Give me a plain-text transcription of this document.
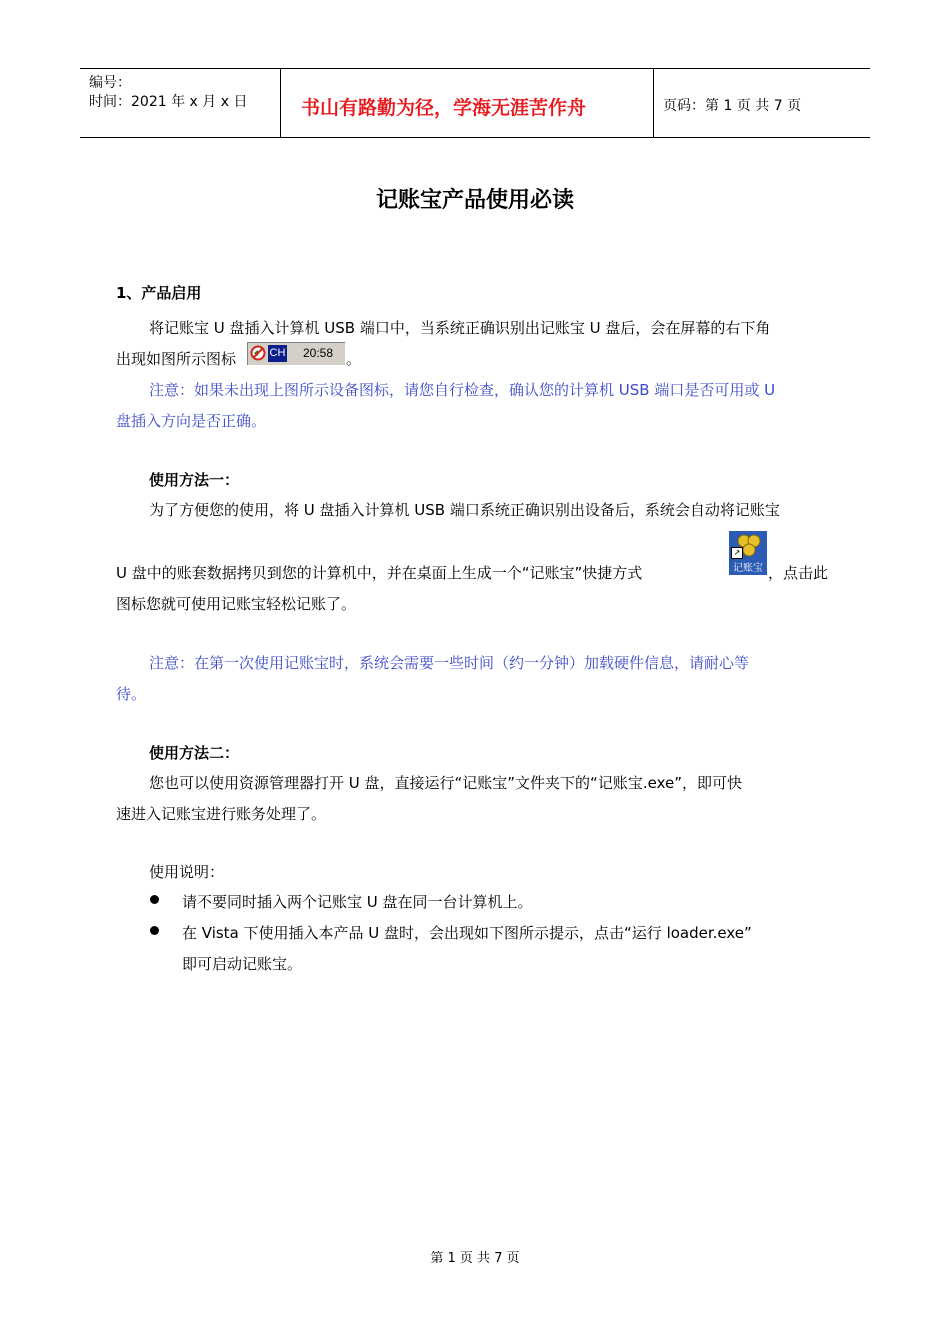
编号：
时间：2021 年 x 月 x 日	书山有路勤为径，学海无涯苦作舟	页码：第 1 页 共 7 页
记账宝产品使用必读
1、产品启用
将记账宝 U 盘插入计算机 USB 端口中，当系统正确识别出记账宝 U 盘后，会在屏幕的右下角
出现如图所示图标	CH 20:58 。
注意：如果未出现上图所示设备图标，请您自行检查，确认您的计算机 USB 端口是否可用或 U
盘插入方向是否正确。
使用方法一：
为了方便您的使用，将 U 盘插入计算机 USB 端口系统正确识别出设备后，系统会自动将记账宝
U 盘中的账套数据拷贝到您的计算机中，并在桌面上生成一个“记账宝”快捷方式
↗
记账宝 ，点击此
图标您就可使用记账宝轻松记账了。
注意：在第一次使用记账宝时，系统会需要一些时间（约一分钟）加载硬件信息，请耐心等
待。
使用方法二：
您也可以使用资源管理器打开 U 盘，直接运行“记账宝”文件夹下的“记账宝.exe”，即可快
速进入记账宝进行账务处理了。
使用说明：
请不要同时插入两个记账宝 U 盘在同一台计算机上。
在 Vista 下使用插入本产品 U 盘时，会出现如下图所示提示，点击“运行 loader.exe”
即可启动记账宝。
第 1 页 共 7 页
